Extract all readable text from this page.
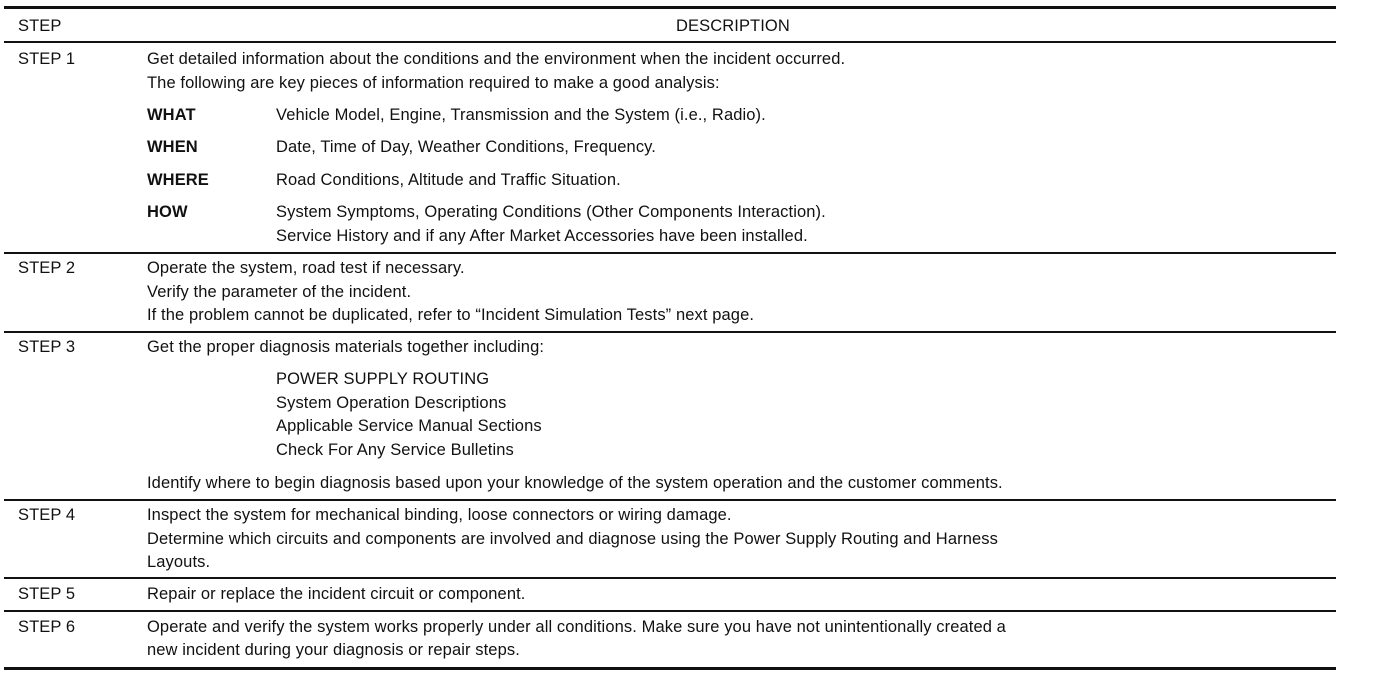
STEP	DESCRIPTION
STEP 1	Get detailed information about the conditions and the environment when the incident occurred.
The following are key pieces of information required to make a good analysis:
WHAT	Vehicle Model, Engine, Transmission and the System (i.e., Radio).
WHEN	Date, Time of Day, Weather Conditions, Frequency.
WHERE	Road Conditions, Altitude and Traffic Situation.
HOW	System Symptoms, Operating Conditions (Other Components Interaction).
Service History and if any After Market Accessories have been installed.
STEP 2	Operate the system, road test if necessary.
Verify the parameter of the incident.
If the problem cannot be duplicated, refer to “Incident Simulation Tests” next page.
STEP 3	Get the proper diagnosis materials together including:
POWER SUPPLY ROUTING
System Operation Descriptions
Applicable Service Manual Sections
Check For Any Service Bulletins
Identify where to begin diagnosis based upon your knowledge of the system operation and the customer comments.
STEP 4	Inspect the system for mechanical binding, loose connectors or wiring damage.
Determine which circuits and components are involved and diagnose using the Power Supply Routing and Harness
Layouts.
STEP 5	Repair or replace the incident circuit or component.
STEP 6	Operate and verify the system works properly under all conditions. Make sure you have not unintentionally created a
new incident during your diagnosis or repair steps.
